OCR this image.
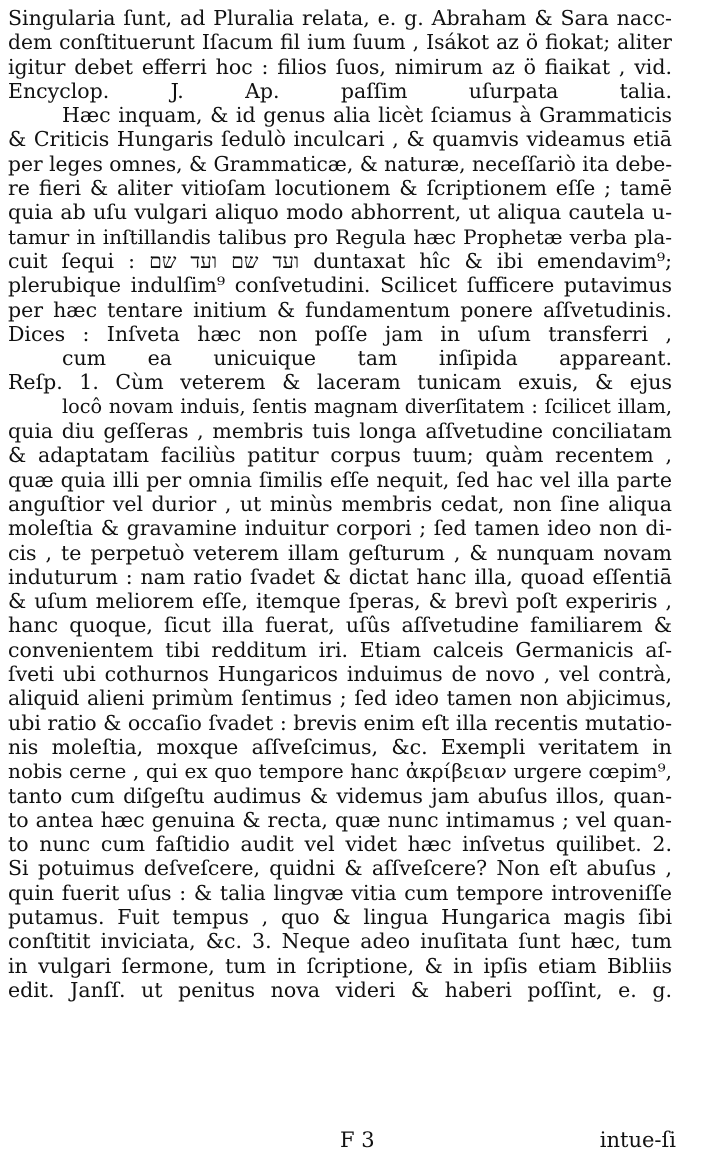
Singularia ſunt, ad Pluralia relata, e. g. Abraham & Sara nacc-
dem conſtituerunt Iſacum fil ium ſuum , Isákot az ö fiokat; aliter
igitur debet efferri hoc : filios ſuos, nimirum az ö fiaikat , vid.
Encyclop. J. Ap. paſſim uſurpata talia.
Hæc inquam, & id genus alia licèt ſciamus à Grammaticis
& Criticis Hungaris ſedulò inculcari , & quamvis videamus etiā
per leges omnes, & Grammaticæ, & naturæ, neceſſariò ita debe-
re fieri & aliter vitioſam locutionem & ſcriptionem eſſe ; tamē
quia ab uſu vulgari aliquo modo abhorrent, ut aliqua cautela u-
tamur in inſtillandis talibus pro Regula hæc Prophetæ verba pla-
cuit ſequi : ועד שם ועד שם duntaxat hîc & ibi emendavim⁹;
plerubique indulſim⁹ conſvetudini. Scilicet ſufficere putavimus
per hæc tentare initium & fundamentum ponere aſſvetudinis.
Dices : Inſveta hæc non poſſe jam in uſum transferri ,
cum ea unicuique tam inſipida appareant.
Reſp. 1. Cùm veterem & laceram tunicam exuis, & ejus
locô novam induis, ſentis magnam diverſitatem : ſcilicet illam,
quia diu geſſeras , membris tuis longa aſſvetudine conciliatam
& adaptatam faciliùs patitur corpus tuum; quàm recentem ,
quæ quia illi per omnia ſimilis eſſe nequit, ſed hac vel illa parte
anguſtior vel durior , ut minùs membris cedat, non ſine aliqua
moleſtia & gravamine induitur corpori ; ſed tamen ideo non di-
cis , te perpetuò veterem illam geſturum , & nunquam novam
induturum : nam ratio ſvadet & dictat hanc illa, quoad eſſentiā
& uſum meliorem eſſe, itemque ſperas, & brevì poſt experiris ,
hanc quoque, ſicut illa fuerat, uſûs aſſvetudine familiarem &
convenientem tibi redditum iri. Etiam calceis Germanicis aſ-
ſveti ubi cothurnos Hungaricos induimus de novo , vel contrà,
aliquid alieni primùm ſentimus ; ſed ideo tamen non abjicimus,
ubi ratio & occaſio ſvadet : brevis enim eſt illa recentis mutatio-
nis moleſtia, moxque aſſveſcimus, &c. Exempli veritatem in
nobis cerne , qui ex quo tempore hanc ἀκρίβειαν urgere cœpim⁹,
tanto cum diſgeſtu audimus & videmus jam abuſus illos, quan-
to antea hæc genuina & recta, quæ nunc intimamus ; vel quan-
to nunc cum faſtidio audit vel videt hæc inſvetus quilibet. 2.
Si potuimus deſveſcere, quidni & aſſveſcere? Non eſt abuſus ,
quin fuerit uſus : & talia lingvæ vitia cum tempore introveniſſe
putamus. Fuit tempus , quo & lingua Hungarica magis ſibi
conſtitit inviciata, &c. 3. Neque adeo inuſitata ſunt hæc, tum
in vulgari ſermone, tum in ſcriptione, & in ipſis etiam Bibliis
edit. Janſſ. ut penitus nova videri & haberi poſſint, e. g.
F 3	intue-ſi
